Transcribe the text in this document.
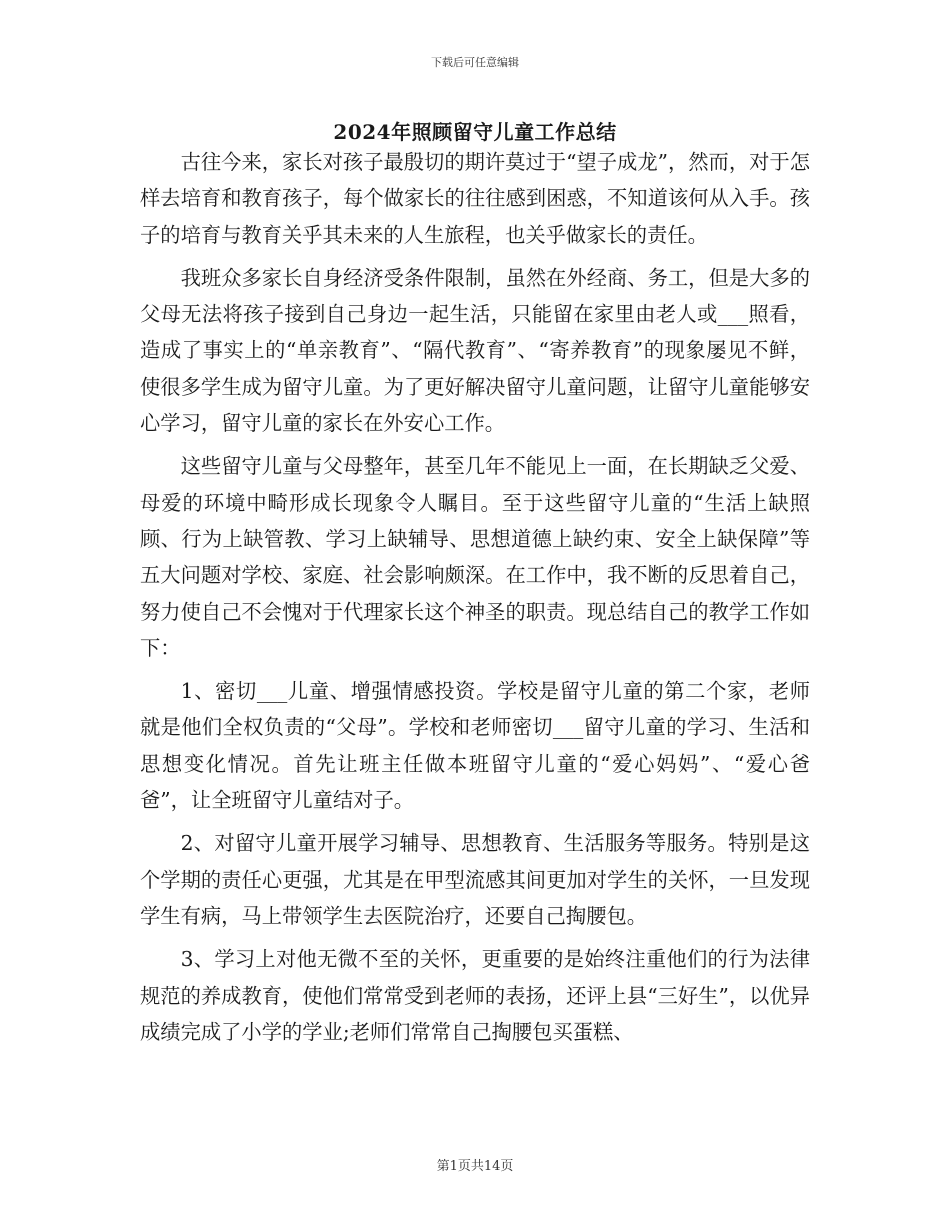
下载后可任意编辑
2024年照顾留守儿童工作总结

古往今来，家长对孩子最殷切的期许莫过于“望子成龙”，然而，对于怎样去培育和教育孩子，每个做家长的往往感到困惑，不知道该何从入手。孩子的培育与教育关乎其未来的人生旅程，也关乎做家长的责任。

我班众多家长自身经济受条件限制，虽然在外经商、务工，但是大多的父母无法将孩子接到自己身边一起生活，只能留在家里由老人或___照看，造成了事实上的“单亲教育”、“隔代教育”、“寄养教育”的现象屡见不鲜，使很多学生成为留守儿童。为了更好解决留守儿童问题，让留守儿童能够安心学习，留守儿童的家长在外安心工作。

这些留守儿童与父母整年，甚至几年不能见上一面，在长期缺乏父爱、母爱的环境中畸形成长现象令人瞩目。至于这些留守儿童的“生活上缺照顾、行为上缺管教、学习上缺辅导、思想道德上缺约束、安全上缺保障”等五大问题对学校、家庭、社会影响颇深。在工作中，我不断的反思着自己，努力使自己不会愧对于代理家长这个神圣的职责。现总结自己的教学工作如下：

1、密切___儿童、增强情感投资。学校是留守儿童的第二个家，老师就是他们全权负责的“父母”。学校和老师密切___留守儿童的学习、生活和思想变化情况。首先让班主任做本班留守儿童的“爱心妈妈”、“爱心爸爸”，让全班留守儿童结对子。

2、对留守儿童开展学习辅导、思想教育、生活服务等服务。特别是这个学期的责任心更强，尤其是在甲型流感其间更加对学生的关怀，一旦发现学生有病，马上带领学生去医院治疗，还要自己掏腰包。

3、学习上对他无微不至的关怀，更重要的是始终注重他们的行为法律规范的养成教育，使他们常常受到老师的表扬，还评上县“三好生”，以优异成绩完成了小学的学业;老师们常常自己掏腰包买蛋糕、

第1页共14页
